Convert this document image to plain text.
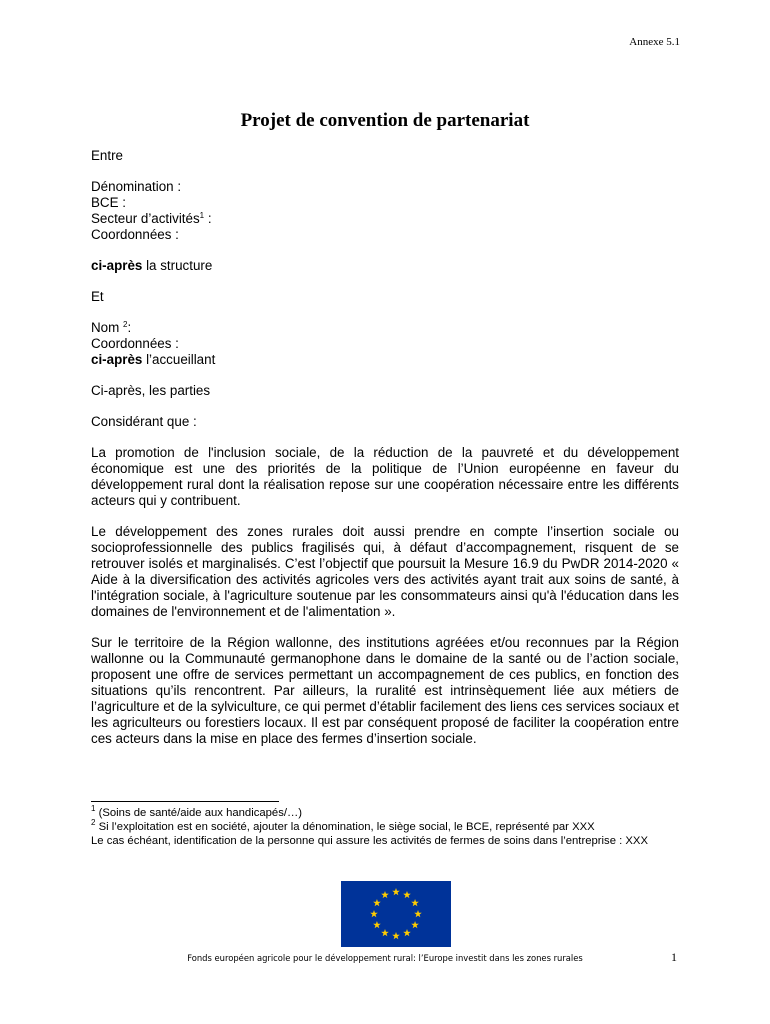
Annexe 5.1
Projet de convention de partenariat

Entre

Dénomination :
BCE :
Secteur d’activités$^1$ :
Coordonnées :

ci-après la structure

Et

Nom $^2$:
Coordonnées :
ci-après l’accueillant

Ci-après, les parties

Considérant que :

La promotion de l'inclusion sociale, de la réduction de la pauvreté et du développement économique est une des priorités de la politique de l’Union européenne en faveur du développement rural dont la réalisation repose sur une coopération nécessaire entre les différents acteurs qui y contribuent.

Le développement des zones rurales doit aussi prendre en compte l’insertion sociale ou socioprofessionnelle des publics fragilisés qui, à défaut d’accompagnement, risquent de se retrouver isolés et marginalisés. C’est l’objectif que poursuit la Mesure 16.9 du PwDR 2014-2020 « Aide à la diversification des activités agricoles vers des activités ayant trait aux soins de santé, à l'intégration sociale, à l'agriculture soutenue par les consommateurs ainsi qu'à l'éducation dans les domaines de l'environnement et de l'alimentation ».

Sur le territoire de la Région wallonne, des institutions agréées et/ou reconnues par la Région wallonne ou la Communauté germanophone dans le domaine de la santé ou de l’action sociale, proposent une offre de services permettant un accompagnement de ces publics, en fonction des situations qu’ils rencontrent. Par ailleurs, la ruralité est intrinsèquement liée aux métiers de l’agriculture et de la sylviculture, ce qui permet d’établir facilement des liens ces services sociaux et les agriculteurs ou forestiers locaux. Il est par conséquent proposé de faciliter la coopération entre ces acteurs dans la mise en place des fermes d’insertion sociale.

$^1$ (Soins de santé/aide aux handicapés/…)

$^2$ Si l’exploitation est en société, ajouter la dénomination, le siège social, le BCE, représenté par XXX

Le cas échéant, identification de la personne qui assure les activités de fermes de soins dans l’entreprise : XXX

Fonds européen agricole pour le développement rural: l’Europe investit dans les zones rurales	1
